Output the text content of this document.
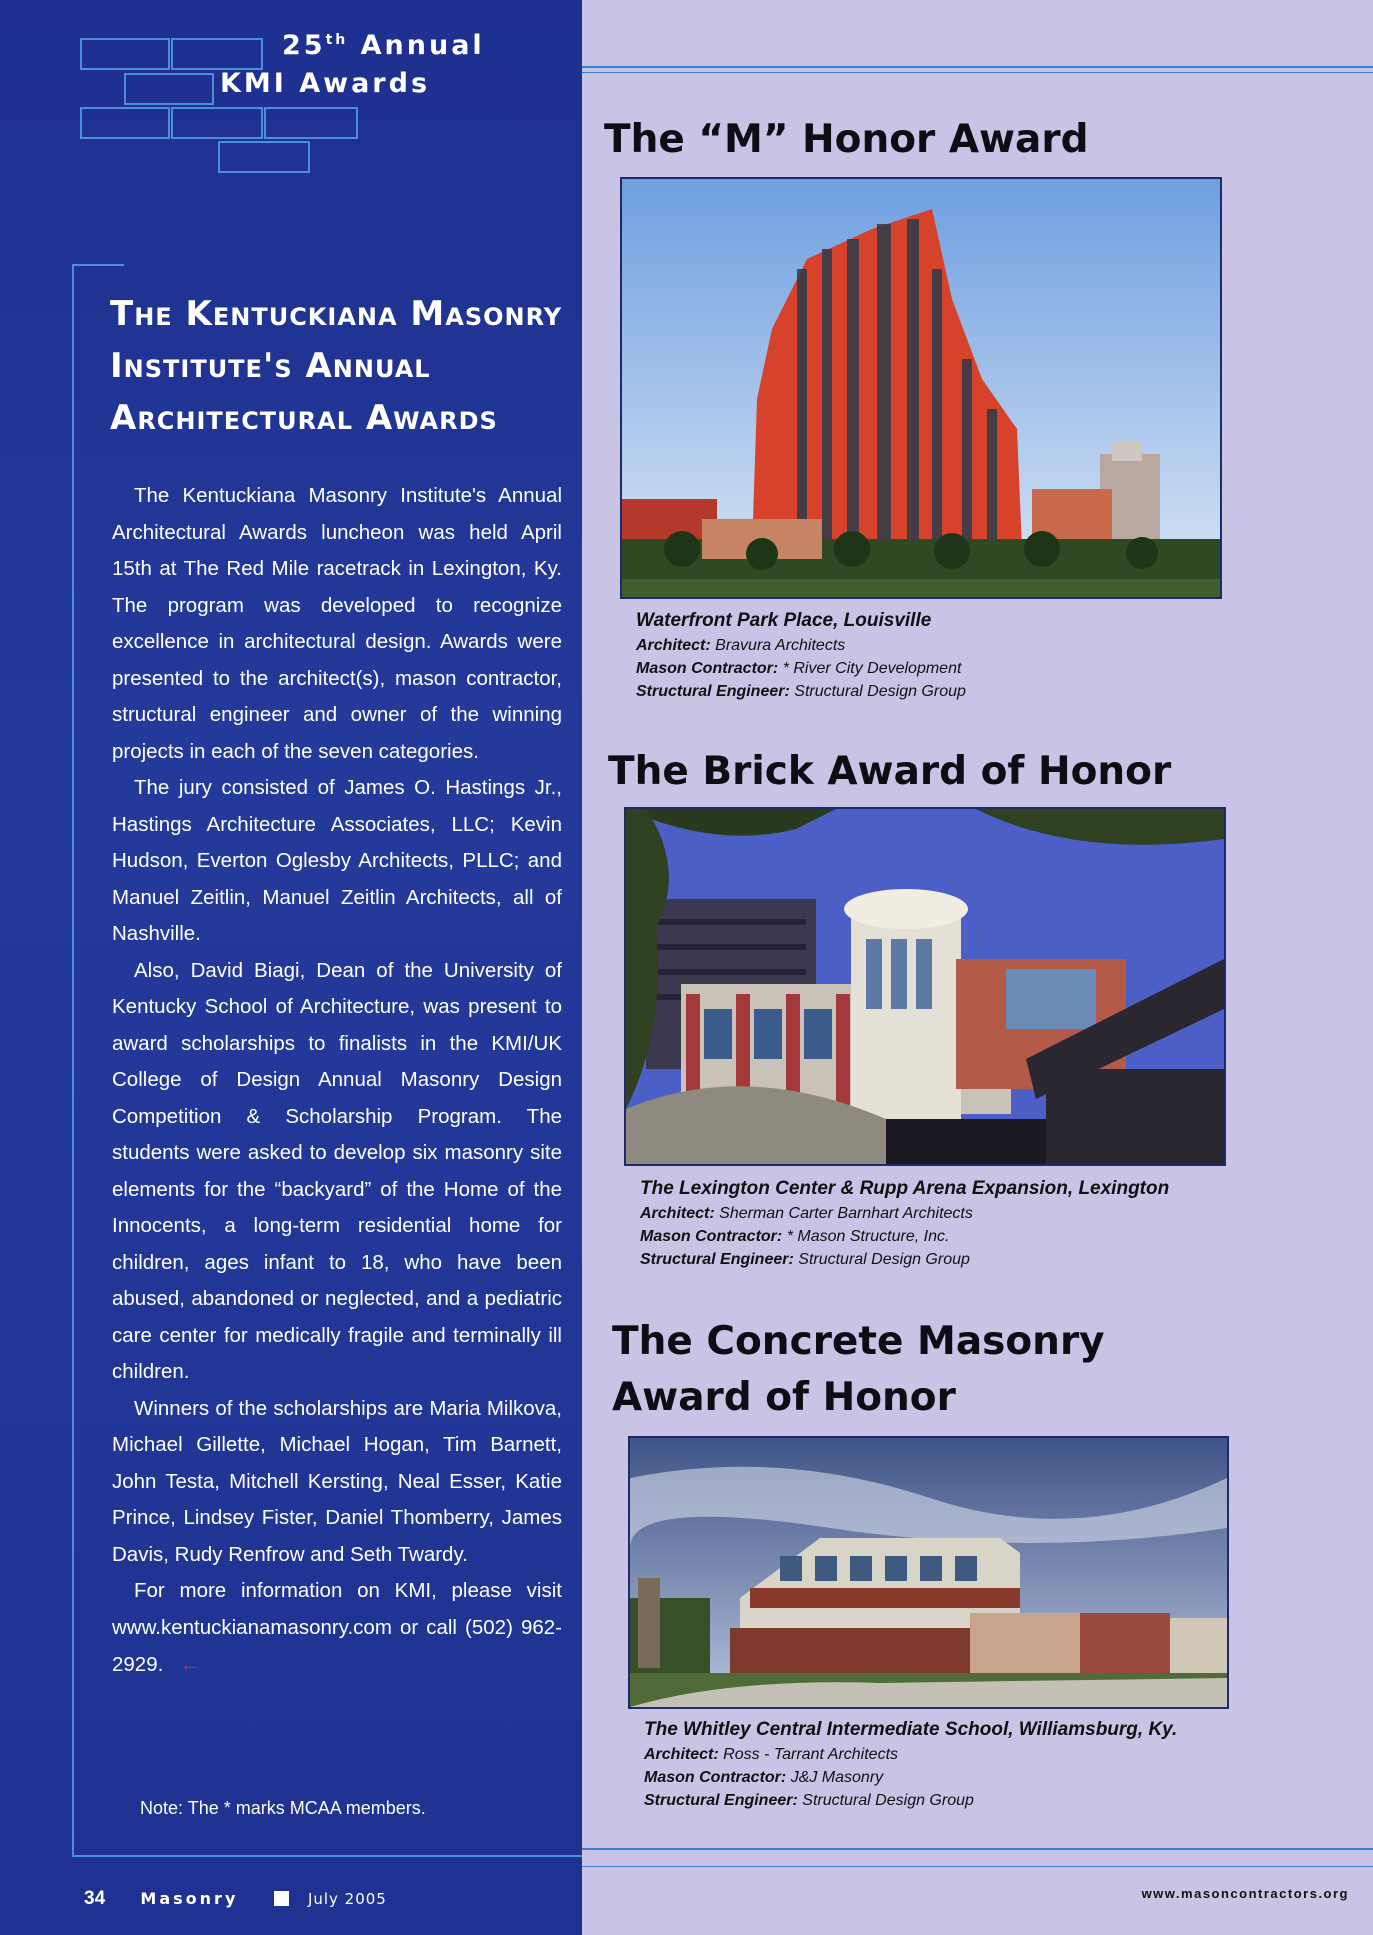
25th Annual
KMI Awards
The Kentuckiana Masonry Institute's Annual Architectural Awards

The Kentuckiana Masonry Institute's Annual Architectural Awards luncheon was held April 15th at The Red Mile racetrack in Lexington, Ky. The program was developed to recognize excellence in architectural design. Awards were presented to the architect(s), mason contractor, structural engineer and owner of the winning projects in each of the seven categories.

The jury consisted of James O. Hastings Jr., Hastings Architecture Associates, LLC; Kevin Hudson, Everton Oglesby Architects, PLLC; and Manuel Zeitlin, Manuel Zeitlin Architects, all of Nashville.

Also, David Biagi, Dean of the University of Kentucky School of Architecture, was present to award scholarships to finalists in the KMI/UK College of Design Annual Masonry Design Competition & Scholarship Program. The students were asked to develop six masonry site elements for the “backyard” of the Home of the Innocents, a long-term residential home for children, ages infant to 18, who have been abused, abandoned or neglected, and a pediatric care center for medically fragile and terminally ill children.

Winners of the scholarships are Maria Milkova, Michael Gillette, Michael Hogan, Tim Barnett, John Testa, Mitchell Kersting, Neal Esser, Katie Prince, Lindsey Fister, Daniel Thomberry, James Davis, Rudy Renfrow and Seth Twardy.

For more information on KMI, please visit www.kentuckianamasonry.com or call (502) 962-2929. ←

Note: The * marks MCAA members.
34 Masonry	July 2005
The “M” Honor Award
Waterfront Park Place, Louisville
Architect: Bravura Architects
Mason Contractor: * River City Development
Structural Engineer: Structural Design Group
The Brick Award of Honor
The Lexington Center & Rupp Arena Expansion, Lexington
Architect: Sherman Carter Barnhart Architects
Mason Contractor: * Mason Structure, Inc.
Structural Engineer: Structural Design Group
The Concrete Masonry
Award of Honor
The Whitley Central Intermediate School, Williamsburg, Ky.
Architect: Ross - Tarrant Architects
Mason Contractor: J&J Masonry
Structural Engineer: Structural Design Group
www.masoncontractors.org
